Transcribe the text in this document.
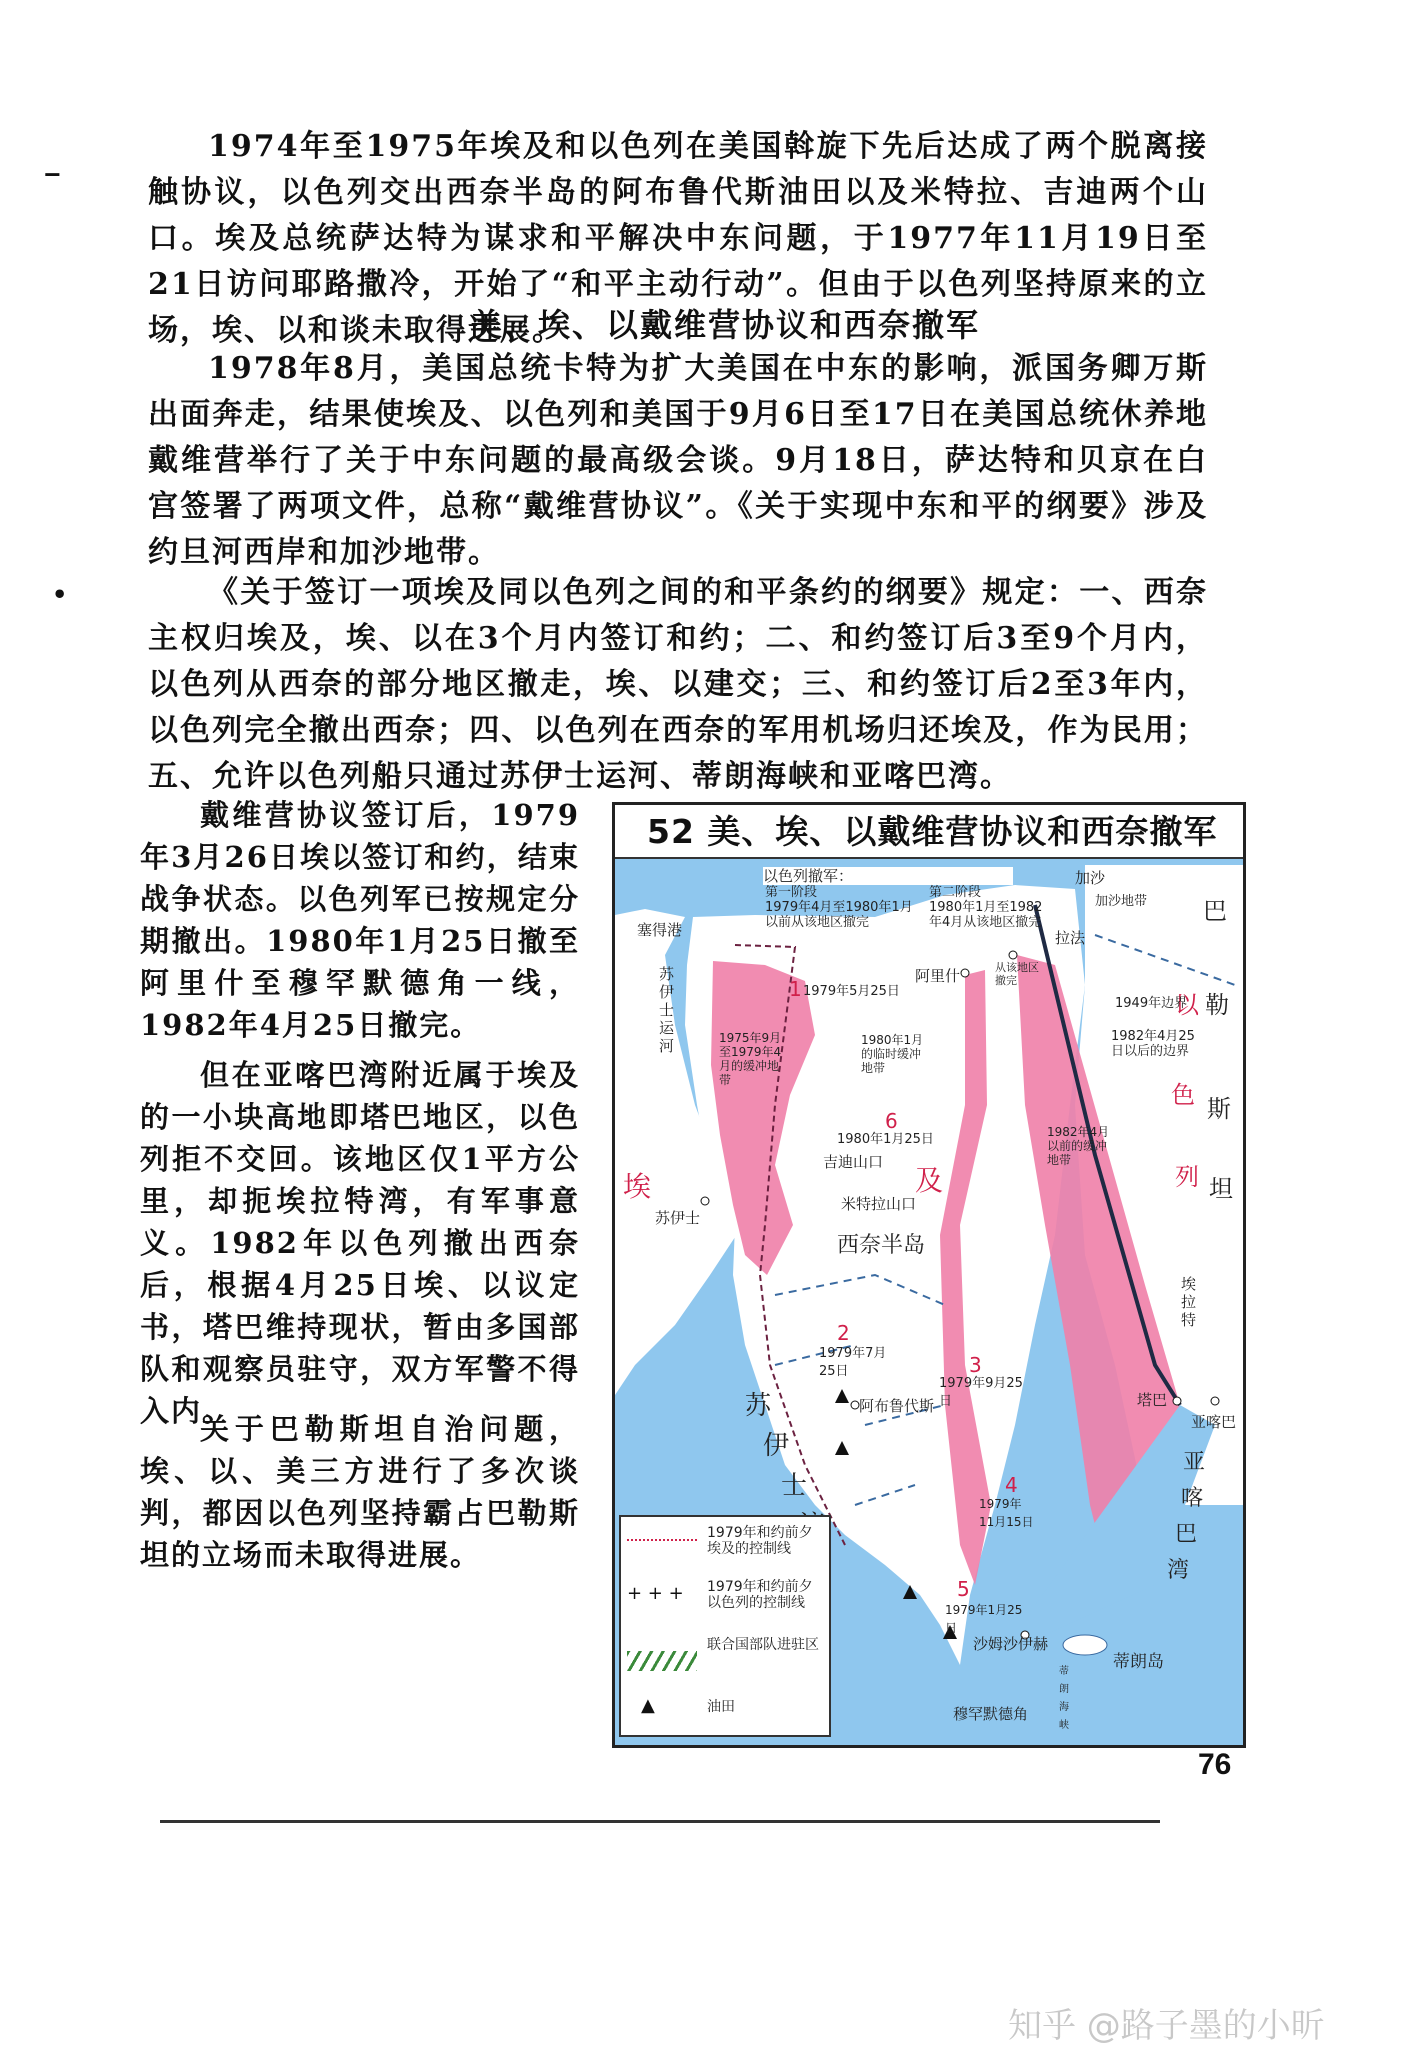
‒
•

1974年至1975年埃及和以色列在美国斡旋下先后达成了两个脱离接触协议，以色列交出西奈半岛的阿布鲁代斯油田以及米特拉、吉迪两个山口。埃及总统萨达特为谋求和平解决中东问题，于1977年11月19日至21日访问耶路撒冷，开始了“和平主动行动”。但由于以色列坚持原来的立场，埃、以和谈未取得进展。

美、埃、以戴维营协议和西奈撤军

1978年8月，美国总统卡特为扩大美国在中东的影响，派国务卿万斯出面奔走，结果使埃及、以色列和美国于9月6日至17日在美国总统休养地戴维营举行了关于中东问题的最高级会谈。9月18日，萨达特和贝京在白宫签署了两项文件，总称“戴维营协议”。《关于实现中东和平的纲要》涉及约旦河西岸和加沙地带。

《关于签订一项埃及同以色列之间的和平条约的纲要》规定：一、西奈主权归埃及，埃、以在3个月内签订和约；二、和约签订后3至9个月内，以色列从西奈的部分地区撤走，埃、以建交；三、和约签订后2至3年内，以色列完全撤出西奈；四、以色列在西奈的军用机场归还埃及，作为民用；五、允许以色列船只通过苏伊士运河、蒂朗海峡和亚喀巴湾。

戴维营协议签订后，1979年3月26日埃以签订和约，结束战争状态。以色列军已按规定分期撤出。1980年1月25日撤至阿里什至穆罕默德角一线，1982年4月25日撤完。

但在亚喀巴湾附近属于埃及的一小块高地即塔巴地区，以色列拒不交回。该地区仅1平方公里，却扼埃拉特湾，有军事意义。1982年以色列撤出西奈后，根据4月25日埃、以议定书，塔巴维持现状，暂由多国部队和观察员驻守，双方军警不得入内。

关于巴勒斯坦自治问题，埃、以、美三方进行了多次谈判，都因以色列坚持霸占巴勒斯坦的立场而未取得进展。

52 美、埃、以戴维营协议和西奈撤军
以色列撤军：
第一阶段
1979年4月至1980年1月以前从该地区撤完
第二阶段
1980年1月至1982年4月从该地区撤完
塞得港
苏伊士运河
阿里什
加沙
加沙地带
拉法
苏伊士
吉迪山口
米特拉山口
西奈半岛
阿布鲁代斯
埃拉特
塔巴
亚喀巴
沙姆沙伊赫
穆罕默德角
蒂朗岛
蒂朗海峡
埃	及
苏
伊
士
亚
喀
巴
湾
巴
勒
以
色
列
斯
坦
1 1979年5月25日
2
1979年7月25日	3
1979年9月25日
4
1979年11月15日
5
1979年1月25日
6
1980年1月25日
1975年9月至1979年4月的缓冲地带
1980年1月的临时缓冲地带
1982年4月以前的缓冲地带
1949年边界
1982年4月25日以后的边界
从该地区撤完
1979年和约前夕埃及的控制线
+ + +	1979年和约前夕以色列的控制线
联合国部队进驻区
▲	油田
76
知乎 @路子墨的小昕
